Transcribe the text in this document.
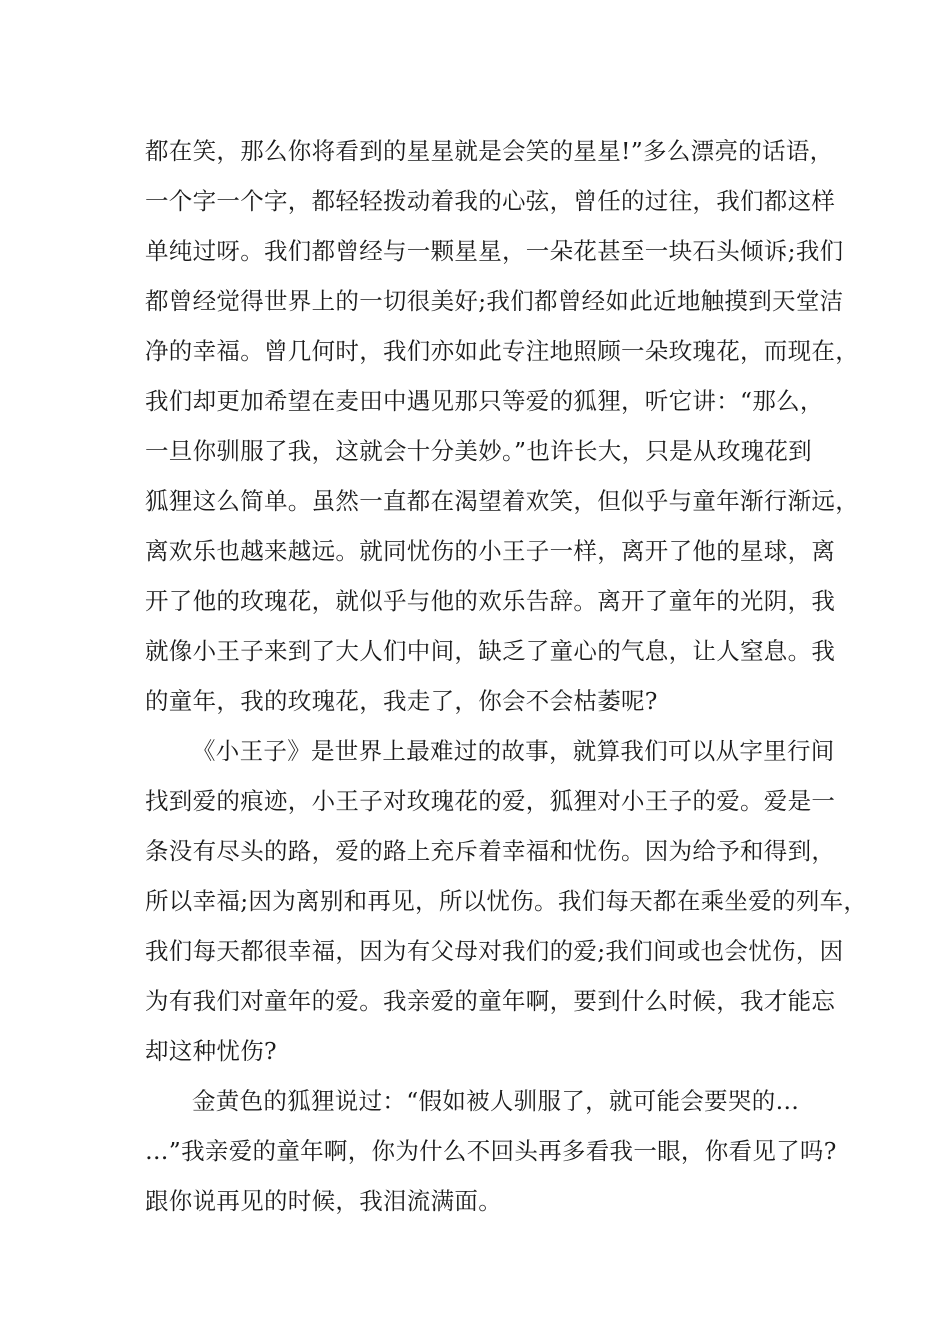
都在笑，那么你将看到的星星就是会笑的星星!”多么漂亮的话语，
一个字一个字，都轻轻拨动着我的心弦，曾任的过往，我们都这样
单纯过呀。我们都曾经与一颗星星，一朵花甚至一块石头倾诉;我们
都曾经觉得世界上的一切很美好;我们都曾经如此近地触摸到天堂洁
净的幸福。曾几何时，我们亦如此专注地照顾一朵玫瑰花，而现在，
我们却更加希望在麦田中遇见那只等爱的狐狸，听它讲：“那么，
一旦你驯服了我，这就会十分美妙。”也许长大，只是从玫瑰花到
狐狸这么简单。虽然一直都在渴望着欢笑，但似乎与童年渐行渐远，
离欢乐也越来越远。就同忧伤的小王子一样，离开了他的星球，离
开了他的玫瑰花，就似乎与他的欢乐告辞。离开了童年的光阴，我
就像小王子来到了大人们中间，缺乏了童心的气息，让人窒息。我
的童年，我的玫瑰花，我走了，你会不会枯萎呢?
《小王子》是世界上最难过的故事，就算我们可以从字里行间
找到爱的痕迹，小王子对玫瑰花的爱，狐狸对小王子的爱。爱是一
条没有尽头的路，爱的路上充斥着幸福和忧伤。因为给予和得到，
所以幸福;因为离别和再见，所以忧伤。我们每天都在乘坐爱的列车，
我们每天都很幸福，因为有父母对我们的爱;我们间或也会忧伤，因
为有我们对童年的爱。我亲爱的童年啊，要到什么时候，我才能忘
却这种忧伤?
金黄色的狐狸说过：“假如被人驯服了，就可能会要哭的…
…”我亲爱的童年啊，你为什么不回头再多看我一眼，你看见了吗?
跟你说再见的时候，我泪流满面。
